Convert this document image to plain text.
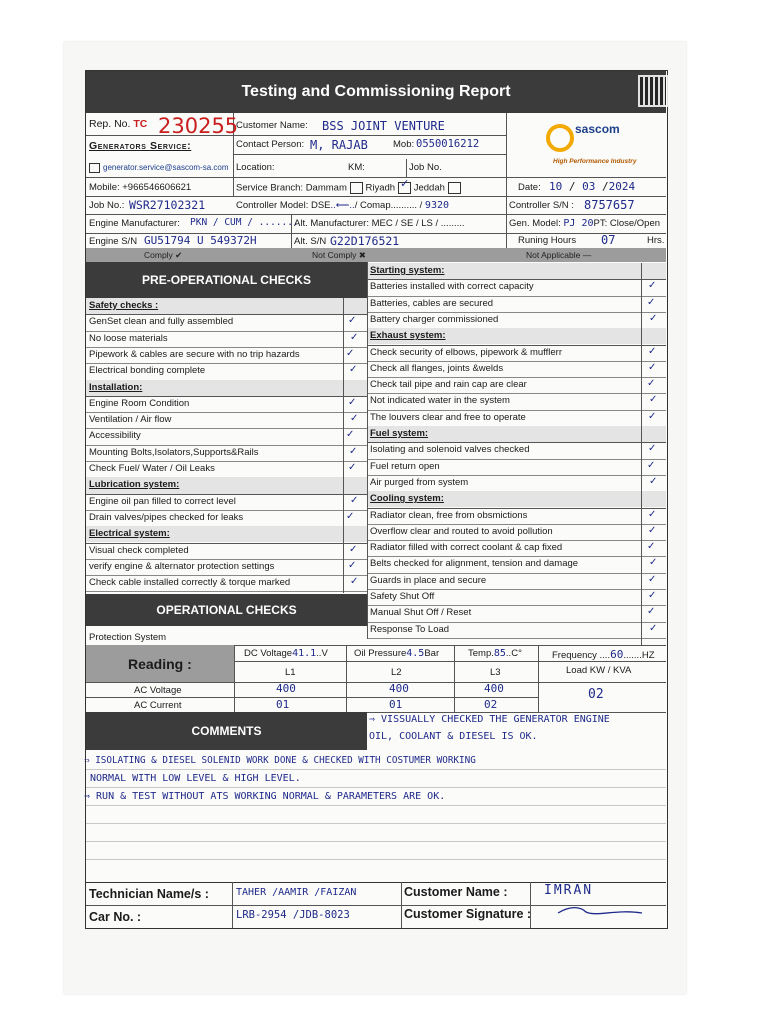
Testing and Commissioning Report
Rep. No. TC 230255
Generators Service:
generator.service@sascom-sa.com
Mobile: +966546606621
Job No.: WSR27102321
Customer Name: BSS JOINT VENTURE
Contact Person: M, RAJAB	Mob: 0550016212
Location:	KM:	Job No.
Service Branch: Dammam Riyadh ✓ Jeddah
Controller Model: DSE..⟵../ Comap.......... / 9320
sascom
High Performance Industry
Date: 10 / 03 /2024
Controller S/N : 8757657
Engine Manufacturer: PKN / CUM / .......
Alt. Manufacturer: MEC / SE / LS / .........	Gen. Model: PJ 20PT: Close/Open
Engine S/N GU51794 U 549372H	Alt. S/N G22D176521	Runing Hours 07	Hrs.
Comply ✔	Not Comply ✖	Not Applicable —
PRE-OPERATIONAL CHECKS
Safety checks :
GenSet clean and fully assembled	✓
No loose materials	✓
Pipework & cables are secure with no trip hazards	✓
Electrical bonding complete	✓
Installation:
Engine Room Condition	✓
Ventilation / Air flow	✓
Accessibility	✓
Mounting Bolts,Isolators,Supports&Rails	✓
Check Fuel/ Water / Oil Leaks	✓
Lubrication system:
Engine oil pan filled to correct level	✓
Drain valves/pipes checked for leaks	✓
Electrical system:
Visual check completed	✓
verify engine & alternator protection settings	✓
Check cable installed correctly & torque marked	✓
Starting system:
Batteries installed with correct capacity	✓
Batteries, cables are secured	✓
Battery charger commissioned	✓
Exhaust system:
Check security of elbows, pipework & mufflerr	✓
Check all flanges, joints &welds	✓
Check tail pipe and rain cap are clear	✓
Not indicated water in the system	✓
The louvers clear and free to operate	✓
Fuel system:
Isolating and solenoid valves checked	✓
Fuel return open	✓
Air purged from system	✓
Cooling system:
Radiator clean, free from obsmictions	✓
Overflow clear and routed to avoid pollution	✓
Radiator filled with correct coolant & cap fixed	✓
Belts checked for alignment, tension and damage	✓
Guards in place and secure	✓
Safety Shut Off	✓
Manual Shut Off / Reset	✓
Response To Load	✓
OPERATIONAL CHECKS
Protection System
Reading :
DC Voltage41.1..V	Oil Pressure4.5Bar	Temp.85..C°	Frequency ....60.......HZ
Load KW / KVA
02
L1	L2	L3
AC Voltage	400	400	400
AC Current	01	01	02
COMMENTS
⇒ VISSUALLY CHECKED THE GENERATOR ENGINE
OIL, COOLANT & DIESEL IS OK.
⇒ ISOLATING & DIESEL SOLENID WORK DONE & CHECKED WITH COSTUMER WORKING
NORMAL WITH LOW LEVEL & HIGH LEVEL.
⇒ RUN & TEST WITHOUT ATS WORKING NORMAL & PARAMETERS ARE OK.
Technician Name/s :	TAHER /AAMIR /FAIZAN	Customer Name :	IMRAN
Car No. :	LRB-2954 /JDB-8023	Customer Signature :
